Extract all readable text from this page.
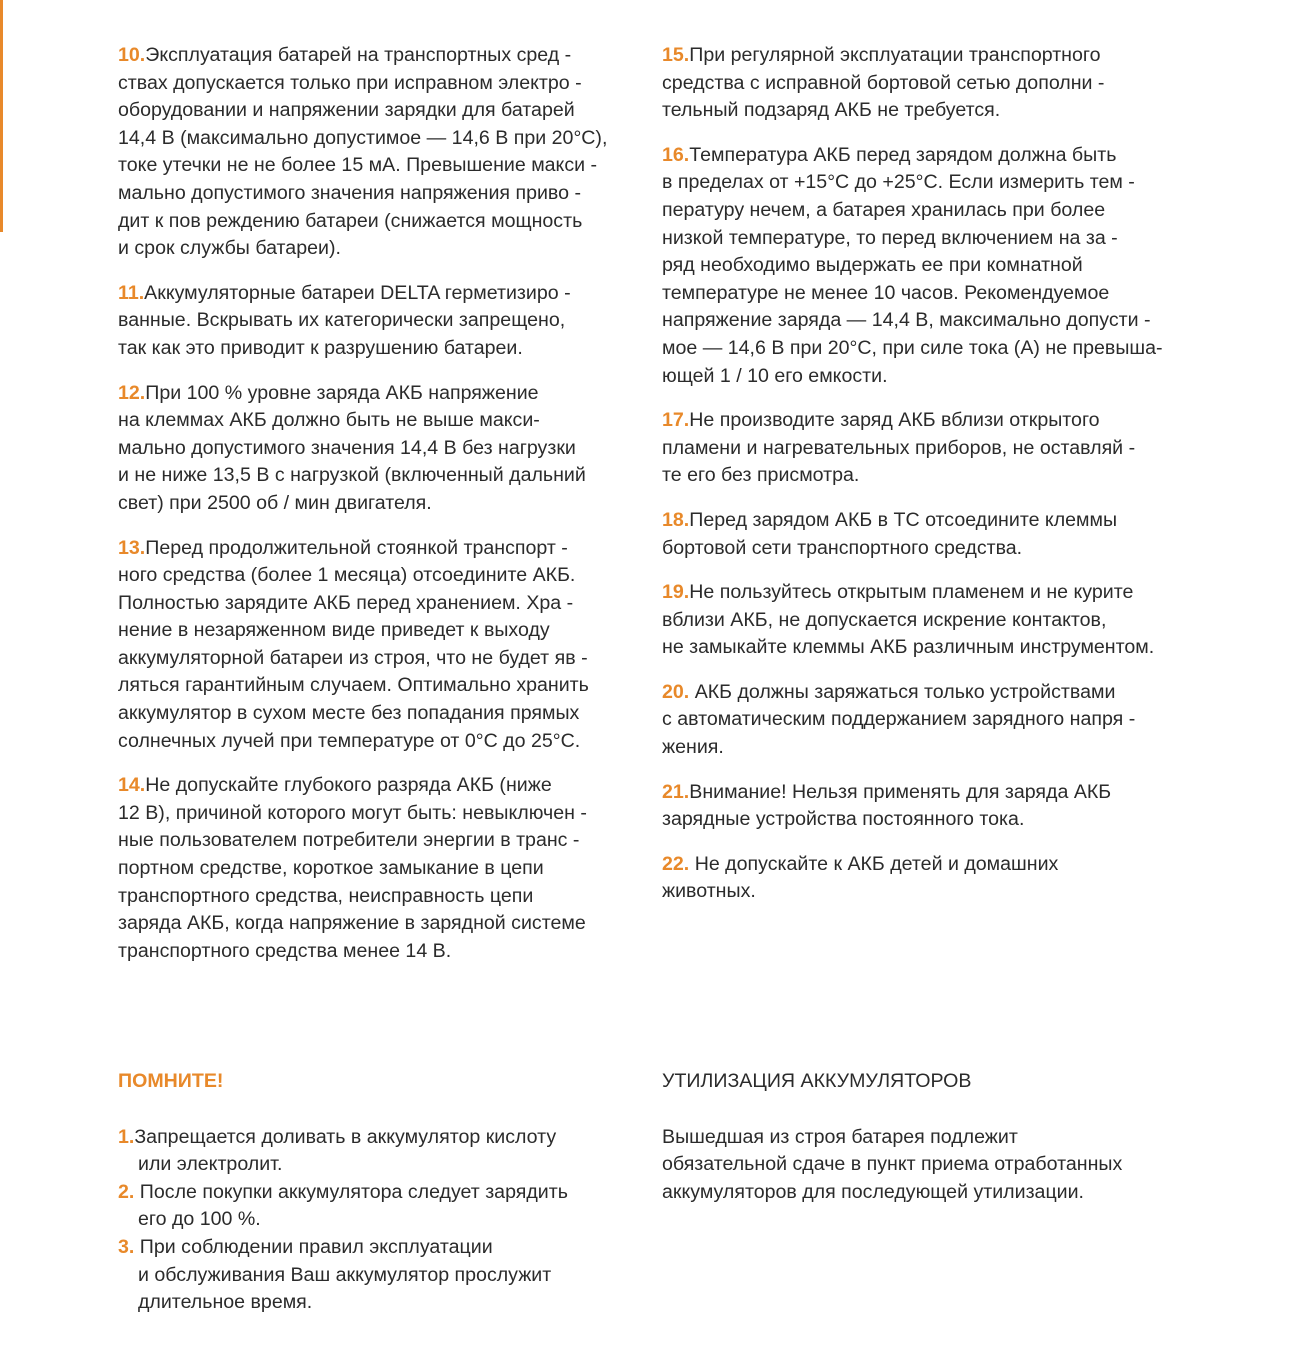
10.Эксплуатация батарей на транспортных сред -
ствах допускается только при исправном электро -
оборудовании и напряжении зарядки для батарей
14,4 В (максимально допустимое — 14,6 В при 20°С),
токе утечки не не более 15 мА. Превышение макси -
мально допустимого значения напряжения приво -
дит к пов реждению батареи (снижается мощность
и срок службы батареи).
11.Аккумуляторные батареи DELTA герметизиро -
ванные. Вскрывать их категорически запрещено,
так как это приводит к разрушению батареи.
12.При 100 % уровне заряда АКБ напряжение
на клеммах АКБ должно быть не выше макси-
мально допустимого значения 14,4 В без нагрузки
и не ниже 13,5 В с нагрузкой (включенный дальний
свет) при 2500 об / мин двигателя.
13.Перед продолжительной стоянкой транспорт -
ного средства (более 1 месяца) отсоедините АКБ.
Полностью зарядите АКБ перед хранением. Хра -
нение в незаряженном виде приведет к выходу
аккумуляторной батареи из строя, что не будет яв -
ляться гарантийным случаем. Оптимально хранить
аккумулятор в сухом месте без попадания прямых
солнечных лучей при температуре от 0°С до 25°С.
14.Не допускайте глубокого разряда АКБ (ниже
12 В), причиной которого могут быть: невыключен -
ные пользователем потребители энергии в транс -
портном средстве, короткое замыкание в цепи
транспортного средства, неисправность цепи
заряда АКБ, когда напряжение в зарядной системе
транспортного средства менее 14 В.
15.При регулярной эксплуатации транспортного
средства с исправной бортовой сетью дополни -
тельный подзаряд АКБ не требуется.
16.Температура АКБ перед зарядом должна быть
в пределах от +15°С до +25°С. Если измерить тем -
пературу нечем, а батарея хранилась при более
низкой температуре, то перед включением на за -
ряд необходимо выдержать ее при комнатной
температуре не менее 10 часов. Рекомендуемое
напряжение заряда — 14,4 В, максимально допусти -
мое — 14,6 В при 20°С, при силе тока (А) не превыша-
ющей 1 / 10 его емкости.
17.Не производите заряд АКБ вблизи открытого
пламени и нагревательных приборов, не оставляй -
те его без присмотра.
18.Перед зарядом АКБ в ТС отсоедините клеммы
бортовой сети транспортного средства.
19.Не пользуйтесь открытым пламенем и не курите
вблизи АКБ, не допускается искрение контактов,
не замыкайте клеммы АКБ различным инструментом.
20. АКБ должны заряжаться только устройствами
с автоматическим поддержанием зарядного напря -
жения.
21.Внимание! Нельзя применять для заряда АКБ
зарядные устройства постоянного тока.
22. Не допускайте к АКБ детей и домашних
животных.
ПОМНИТЕ!
1.Запрещается доливать в аккумулятор кислоту
или электролит.
2. После покупки аккумулятора следует зарядить
его до 100 %.
3. При соблюдении правил эксплуатации
и обслуживания Ваш аккумулятор прослужит
длительное время.
УТИЛИЗАЦИЯ АККУМУЛЯТОРОВ
Вышедшая из строя батарея подлежит
обязательной сдаче в пункт приема отработанных
аккумуляторов для последующей утилизации.
